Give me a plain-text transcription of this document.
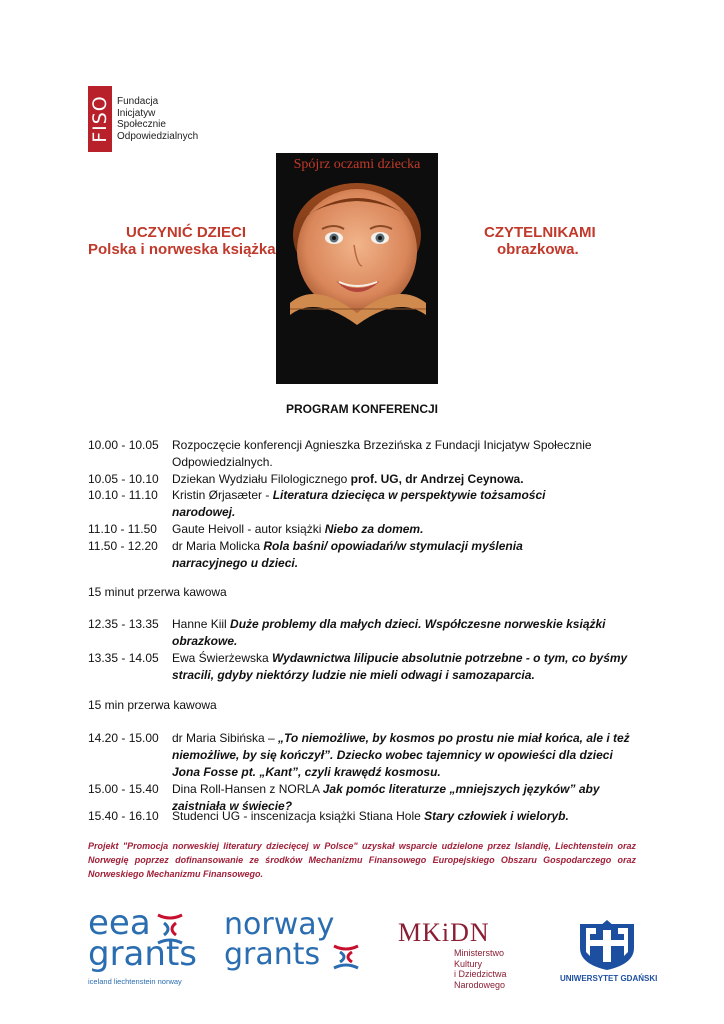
FISO Fundacja
Inicjatyw
Społecznie
Odpowiedzialnych
Spójrz oczami dziecka
UCZYNIĆ DZIECI
Polska i norweska książka
CZYTELNIKAMI
obrazkowa.
PROGRAM KONFERENCJI
10.00 - 10.05	Rozpoczęcie konferencji Agnieszka Brzezińska z Fundacji Inicjatyw Społecznie Odpowiedzialnych.
10.05 - 10.10	Dziekan Wydziału Filologicznego prof. UG, dr Andrzej Ceynowa.
10.10 - 11.10	Kristin Ørjasæter - Literatura dziecięca w perspektywie tożsamości narodowej.
11.10 - 11.50	Gaute Heivoll - autor książki Niebo za domem.
11.50 - 12.20	dr Maria Molicka Rola baśni/ opowiadań/w stymulacji myślenia narracyjnego u dzieci.
15 minut przerwa kawowa
12.35 - 13.35	Hanne Kiil Duże problemy dla małych dzieci. Współczesne norweskie książki obrazkowe.
13.35 - 14.05	Ewa Świerżewska Wydawnictwa lilipucie absolutnie potrzebne - o tym, co byśmy stracili, gdyby niektórzy ludzie nie mieli odwagi i samozaparcia.
15 min przerwa kawowa
14.20 - 15.00	dr Maria Sibińska – „To niemożliwe, by kosmos po prostu nie miał końca, ale i też niemożliwe, by się kończył”. Dziecko wobec tajemnicy w opowieści dla dzieci Jona Fosse pt. „Kant”, czyli krawędź kosmosu.
15.00 - 15.40	Dina Roll-Hansen z NORLA Jak pomóc literaturze „mniejszych języków” aby zaistniała w świecie?
15.40 - 16.10	Studenci UG - inscenizacja książki Stiana Hole Stary człowiek i wieloryb.
Projekt "Promocja norweskiej literatury dziecięcej w Polsce" uzyskał wsparcie udzielone przez Islandię, Liechtenstein oraz Norwegię poprzez dofinansowanie ze środków Mechanizmu Finansowego Europejskiego Obszaru Gospodarczego oraz Norweskiego Mechanizmu Finansowego.
eea
grants
iceland liechtenstein norway
norway
grants
MKiDN
Ministerstwo
Kultury
i Dziedzictwa
Narodowego
UNIWERSYTET GDAŃSKI
